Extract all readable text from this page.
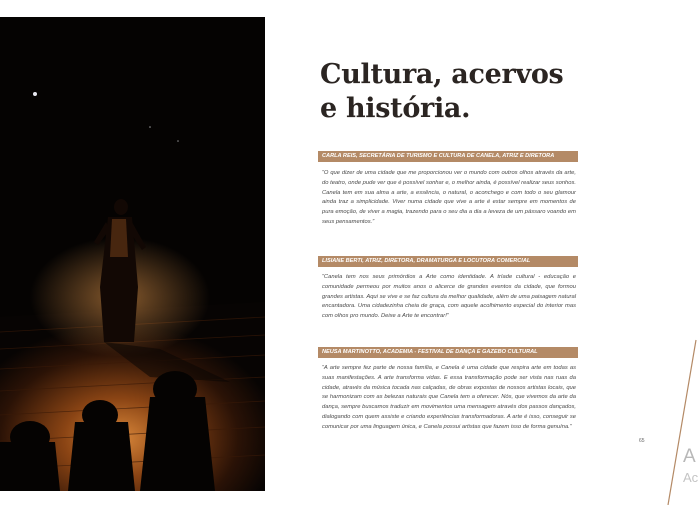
Cultura, acervos
e história.
CARLA REIS, SECRETÁRIA DE TURISMO E CULTURA DE CANELA, ATRIZ E DIRETORA
“O que dizer de uma cidade que me proporcionou ver o mundo com outros olhos através da arte, do teatro, onde pude ver que é possível sonhar e, o melhor ainda, é possível realizar seus sonhos. Canela tem em sua alma a arte, a essência, o natural, o aconchego e com todo o seu glamour ainda traz a simplicidade. Viver numa cidade que vive a arte é estar sempre em momentos de pura emoção, de viver a magia, trazendo para o seu dia a dia a leveza de um pássaro voando em seus pensamentos.”
LISIANE BERTI, ATRIZ, DIRETORA, DRAMATURGA E LOCUTORA COMERCIAL
“Canela tem nos seus primórdios a Arte como identidade. A tríade cultural - educação e comunidade permeou por muitos anos o alicerce de grandes eventos da cidade, que formou grandes artistas. Aqui se vive e se faz cultura da melhor qualidade, além de uma paisagem natural encantadora. Uma cidadezinha cheia de graça, com aquele acolhimento especial do interior mas com olhos pro mundo. Deixe a Arte te encontrar!”
NEUSA MARTINOTTO, ACADEMIA - FESTIVAL DE DANÇA E GAZEBO CULTURAL
“A arte sempre fez parte de nossa família, e Canela é uma cidade que respira arte em todas as suas manifestações. A arte transforma vidas. E essa transformação pode ser vista nas ruas da cidade, através da música tocada nas calçadas, de obras expostas de nossos artistas locais, que se harmonizam com as belezas naturais que Canela tem a oferecer. Nós, que vivemos da arte da dança, sempre buscamos traduzir em movimentos uma mensagem através dos passos dançados, dialogando com quem assiste e criando experiências transformadoras. A arte é isso, conseguir se comunicar por uma linguagem única, e Canela possui artistas que fazem isso de forma genuína.”
65
A
Ac
